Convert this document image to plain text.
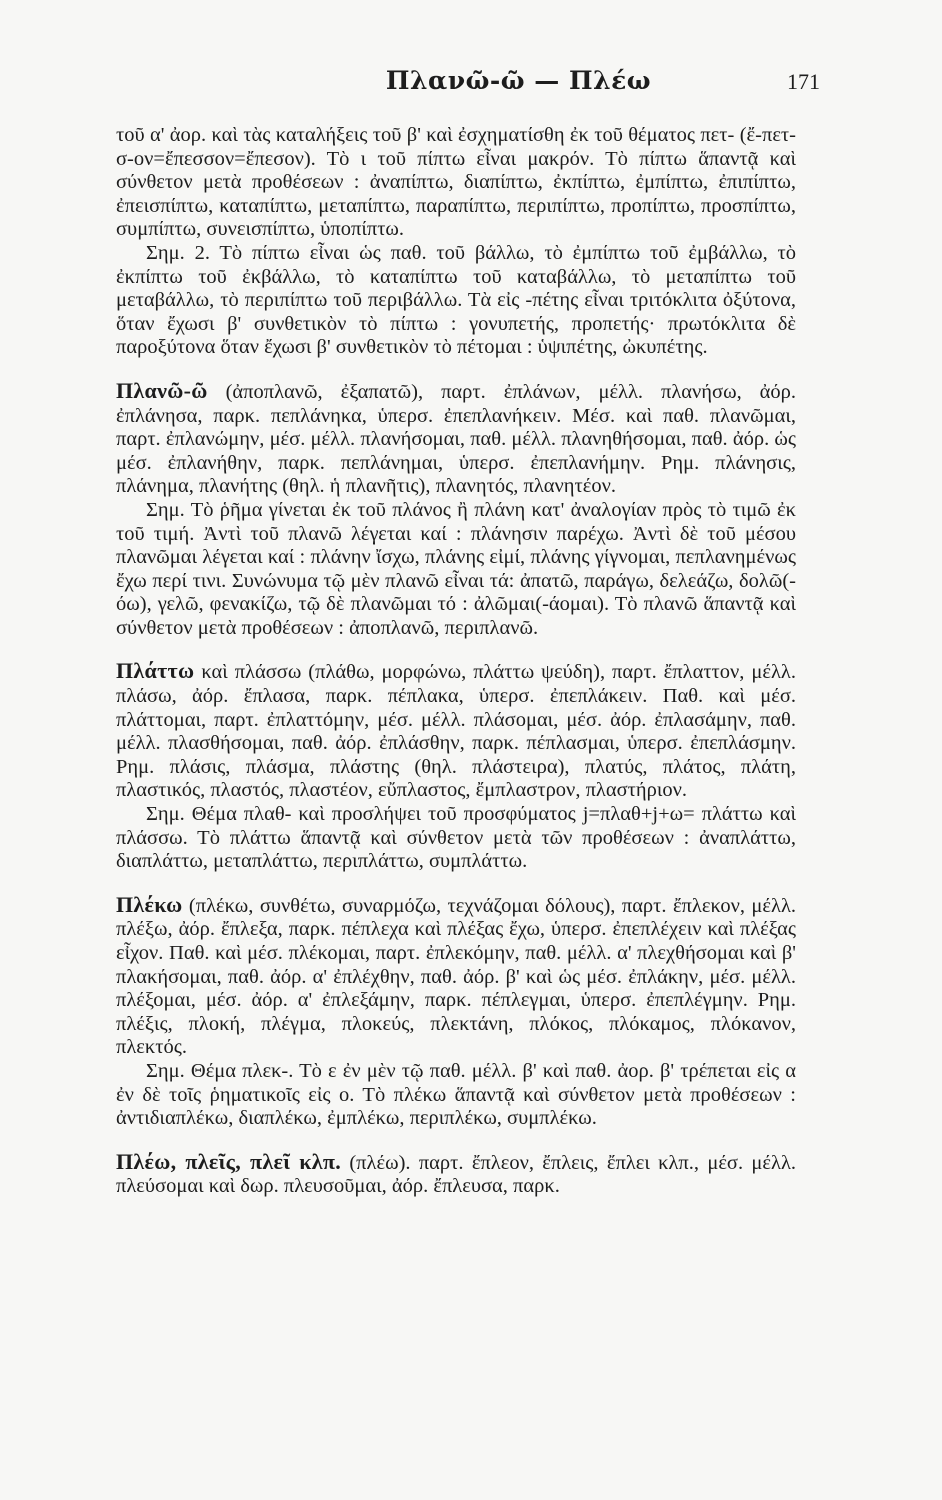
Πλανῶ-ῶ — Πλέω	171

τοῦ α' ἀορ. καὶ τὰς καταλήξεις τοῦ β' καὶ ἐσχηματίσθη ἐκ τοῦ θέματος πετ- (ἔ-πετ-σ-ον=ἔπεσσον=ἔπεσον). Τὸ ι τοῦ πίπτω εἶναι μακρόν. Τὸ πίπτω ἅπαντᾷ καὶ σύνθετον μετὰ προθέσεων : ἀναπίπτω, διαπίπτω, ἐκπίπτω, ἐμπίπτω, ἐπιπίπτω, ἐπεισπίπτω, καταπίπτω, μεταπίπτω, παραπίπτω, περιπίπτω, προπίπτω, προσπίπτω, συμπίπτω, συνεισπίπτω, ὑποπίπτω.

Σημ. 2. Τὸ πίπτω εἶναι ὡς παθ. τοῦ βάλλω, τὸ ἐμπίπτω τοῦ ἐμβάλλω, τὸ ἐκπίπτω τοῦ ἐκβάλλω, τὸ καταπίπτω τοῦ καταβάλλω, τὸ μεταπίπτω τοῦ μεταβάλλω, τὸ περιπίπτω τοῦ περιβάλλω. Τὰ εἰς -πέτης εἶναι τριτόκλιτα ὀξύτονα, ὅταν ἔχωσι β' συνθετικὸν τὸ πίπτω : γονυπετής, προπετής· πρωτόκλιτα δὲ παροξύτονα ὅταν ἔχωσι β' συνθετικὸν τὸ πέτομαι : ὑψιπέτης, ὠκυπέτης.

Πλανῶ-ῶ (ἀποπλανῶ, ἐξαπατῶ), παρτ. ἐπλάνων, μέλλ. πλανήσω, ἀόρ. ἐπλάνησα, παρκ. πεπλάνηκα, ὑπερσ. ἐπεπλανήκειν. Μέσ. καὶ παθ. πλανῶμαι, παρτ. ἐπλανώμην, μέσ. μέλλ. πλανήσομαι, παθ. μέλλ. πλανηθήσομαι, παθ. ἀόρ. ὡς μέσ. ἐπλανήθην, παρκ. πεπλάνημαι, ὑπερσ. ἐπεπλανήμην. Ρημ. πλάνησις, πλάνημα, πλανήτης (θηλ. ἡ πλανῆτις), πλανητός, πλανητέον.

Σημ. Τὸ ῥῆμα γίνεται ἐκ τοῦ πλάνος ἢ πλάνη κατ' ἀναλογίαν πρὸς τὸ τιμῶ ἐκ τοῦ τιμή. Ἀντὶ τοῦ πλανῶ λέγεται καί : πλάνησιν παρέχω. Ἀντὶ δὲ τοῦ μέσου πλανῶμαι λέγεται καί : πλάνην ἴσχω, πλάνης εἰμί, πλάνης γίγνομαι, πεπλανημένως ἔχω περί τινι. Συνώνυμα τῷ μὲν πλανῶ εἶναι τά: ἀπατῶ, παράγω, δελεάζω, δολῶ(-όω), γελῶ, φενακίζω, τῷ δὲ πλανῶμαι τό : ἀλῶμαι(-άομαι). Τὸ πλανῶ ἅπαντᾷ καὶ σύνθετον μετὰ προθέσεων : ἀποπλανῶ, περιπλανῶ.

Πλάττω καὶ πλάσσω (πλάθω, μορφώνω, πλάττω ψεύδη), παρτ. ἔπλαττον, μέλλ. πλάσω, ἀόρ. ἔπλασα, παρκ. πέπλακα, ὑπερσ. ἐπεπλάκειν. Παθ. καὶ μέσ. πλάττομαι, παρτ. ἐπλαττόμην, μέσ. μέλλ. πλάσομαι, μέσ. ἀόρ. ἐπλασάμην, παθ. μέλλ. πλασθήσομαι, παθ. ἀόρ. ἐπλάσθην, παρκ. πέπλασμαι, ὑπερσ. ἐπεπλάσμην. Ρημ. πλάσις, πλάσμα, πλάστης (θηλ. πλάστειρα), πλατύς, πλάτος, πλάτη, πλαστικός, πλαστός, πλαστέον, εὔπλαστος, ἔμπλαστρον, πλαστήριον.

Σημ. Θέμα πλαθ- καὶ προσλήψει τοῦ προσφύματος j=πλαθ+j+ω= πλάττω καὶ πλάσσω. Τὸ πλάττω ἅπαντᾷ καὶ σύνθετον μετὰ τῶν προθέσεων : ἀναπλάττω, διαπλάττω, μεταπλάττω, περιπλάττω, συμπλάττω.

Πλέκω (πλέκω, συνθέτω, συναρμόζω, τεχνάζομαι δόλους), παρτ. ἔπλεκον, μέλλ. πλέξω, ἀόρ. ἔπλεξα, παρκ. πέπλεχα καὶ πλέξας ἔχω, ὑπερσ. ἐπεπλέχειν καὶ πλέξας εἶχον. Παθ. καὶ μέσ. πλέκομαι, παρτ. ἐπλεκόμην, παθ. μέλλ. α' πλεχθήσομαι καὶ β' πλακήσομαι, παθ. ἀόρ. α' ἐπλέχθην, παθ. ἀόρ. β' καὶ ὡς μέσ. ἐπλάκην, μέσ. μέλλ. πλέξομαι, μέσ. ἀόρ. α' ἐπλεξάμην, παρκ. πέπλεγμαι, ὑπερσ. ἐπεπλέγμην. Ρημ. πλέξις, πλοκή, πλέγμα, πλοκεύς, πλεκτάνη, πλόκος, πλόκαμος, πλόκανον, πλεκτός.

Σημ. Θέμα πλεκ-. Τὸ ε ἐν μὲν τῷ παθ. μέλλ. β' καὶ παθ. ἀορ. β' τρέπεται εἰς α ἐν δὲ τοῖς ῥηματικοῖς εἰς ο. Τὸ πλέκω ἅπαντᾷ καὶ σύνθετον μετὰ προθέσεων : ἀντιδιαπλέκω, διαπλέκω, ἐμπλέκω, περιπλέκω, συμπλέκω.

Πλέω, πλεῖς, πλεῖ κλπ. (πλέω). παρτ. ἔπλεον, ἔπλεις, ἔπλει κλπ., μέσ. μέλλ. πλεύσομαι καὶ δωρ. πλευσοῦμαι, ἀόρ. ἔπλευσα, παρκ.
